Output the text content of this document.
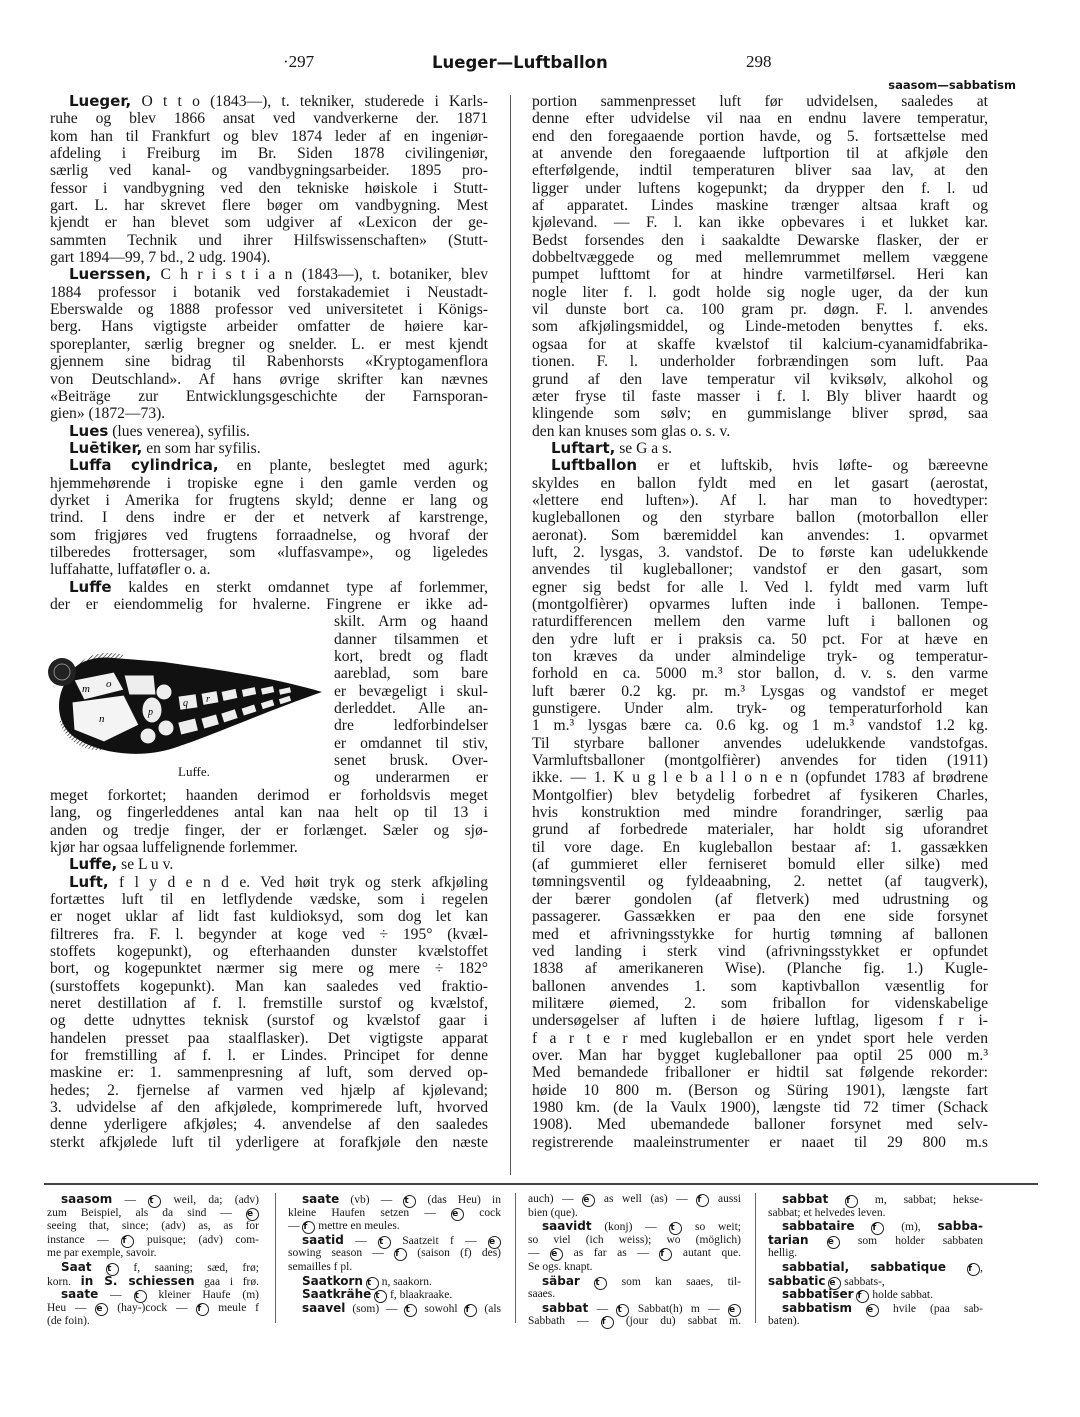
·297	Lueger—Luftballon	298
saasom—sabbatism
Lueger, O t t o (1843—), t. tekniker, studerede i Karls-
ruhe og blev 1866 ansat ved vandverkerne der. 1871
kom han til Frankfurt og blev 1874 leder af en ingeniør-
afdeling i Freiburg im Br. Siden 1878 civilingeniør,
særlig ved kanal- og vandbygningsarbeider. 1895 pro-
fessor i vandbygning ved den tekniske høiskole i Stutt-
gart. L. har skrevet flere bøger om vandbygning. Mest
kjendt er han blevet som udgiver af «Lexicon der ge-
sammten Technik und ihrer Hilfswissenschaften» (Stutt-
gart 1894—99, 7 bd., 2 udg. 1904).
Luerssen, C h r i s t i a n (1843—), t. botaniker, blev
1884 professor i botanik ved forstakademiet i Neustadt-
Eberswalde og 1888 professor ved universitetet i Königs-
berg. Hans vigtigste arbeider omfatter de høiere kar-
sporeplanter, særlig bregner og snelder. L. er mest kjendt
gjennem sine bidrag til Rabenhorsts «Kryptogamenflora
von Deutschland». Af hans øvrige skrifter kan nævnes
«Beiträge zur Entwicklungsgeschichte der Farnsporan-
gien» (1872—73).
Lues (lues venerea), syfilis.
Luētiker, en som har syfilis.
Luffa cylindrica, en plante, beslegtet med agurk;
hjemmehørende i tropiske egne i den gamle verden og
dyrket i Amerika for frugtens skyld; denne er lang og
trind. I dens indre er der et netverk af karstrenge,
som frigjøres ved frugtens forraadnelse, og hvoraf der
tilberedes frottersager, som «luffasvampe», og ligeledes
luffahatte, luffatøfler o. a.
Luffe kaldes en sterkt omdannet type af forlemmer,
der er eiendommelig for hvalerne. Fingrene er ikke ad-
skilt. Arm og haand
danner tilsammen et
kort, bredt og fladt
aareblad, som bare
er bevægeligt i skul-
derleddet. Alle an-
dre ledforbindelser
er omdannet til stiv,
senet brusk. Over-
og underarmen er
meget forkortet; haanden derimod er forholdsvis meget
lang, og fingerleddenes antal kan naa helt op til 13 i
anden og tredje finger, der er forlænget. Sæler og sjø-
kjør har ogsaa luffelignende forlemmer.
Luffe, se L u v.
Luft, f l y d e n d e. Ved høit tryk og sterk afkjøling
fortættes luft til en letflydende vædske, som i regelen
er noget uklar af lidt fast kuldioksyd, som dog let kan
filtreres fra. F. l. begynder at koge ved ÷ 195° (kvæl-
stoffets kogepunkt), og efterhaanden dunster kvælstoffet
bort, og kogepunktet nærmer sig mere og mere ÷ 182°
(surstoffets kogepunkt). Man kan saaledes ved fraktio-
neret destillation af f. l. fremstille surstof og kvælstof,
og dette udnyttes teknisk (surstof og kvælstof gaar i
handelen presset paa staalflasker). Det vigtigste apparat
for fremstilling af f. l. er Lindes. Principet for denne
maskine er: 1. sammenpresning af luft, som derved op-
hedes; 2. fjernelse af varmen ved hjælp af kjølevand;
3. udvidelse af den afkjølede, komprimerede luft, hvorved
denne yderligere afkjøles; 4. anvendelse af den saaledes
sterkt afkjølede luft til yderligere at forafkjøle den næste
m o
n
p
q r
Luffe.
portion sammenpresset luft før udvidelsen, saaledes at
denne efter udvidelse vil naa en endnu lavere temperatur,
end den foregaaende portion havde, og 5. fortsættelse med
at anvende den foregaaende luftportion til at afkjøle den
efterfølgende, indtil temperaturen bliver saa lav, at den
ligger under luftens kogepunkt; da drypper den f. l. ud
af apparatet. Lindes maskine trænger altsaa kraft og
kjølevand. — F. l. kan ikke opbevares i et lukket kar.
Bedst forsendes den i saakaldte Dewarske flasker, der er
dobbeltvæggede og med mellemrummet mellem væggene
pumpet lufttomt for at hindre varmetilførsel. Heri kan
nogle liter f. l. godt holde sig nogle uger, da der kun
vil dunste bort ca. 100 gram pr. døgn. F. l. anvendes
som afkjølingsmiddel, og Linde-metoden benyttes f. eks.
ogsaa for at skaffe kvælstof til kalcium-cyanamidfabrika-
tionen. F. l. underholder forbrændingen som luft. Paa
grund af den lave temperatur vil kviksølv, alkohol og
æter fryse til faste masser i f. l. Bly bliver haardt og
klingende som sølv; en gummislange bliver sprød, saa
den kan knuses som glas o. s. v.
Luftart, se G a s.
Luftballon er et luftskib, hvis løfte- og bæreevne
skyldes en ballon fyldt med en let gasart (aerostat,
«lettere end luften»). Af l. har man to hovedtyper:
kugleballonen og den styrbare ballon (motorballon eller
aeronat). Som bæremiddel kan anvendes: 1. opvarmet
luft, 2. lysgas, 3. vandstof. De to første kan udelukkende
anvendes til kugleballoner; vandstof er den gasart, som
egner sig bedst for alle l. Ved l. fyldt med varm luft
(montgolfièrer) opvarmes luften inde i ballonen. Tempe-
raturdifferencen mellem den varme luft i ballonen og
den ydre luft er i praksis ca. 50 pct. For at hæve en
ton kræves da under almindelige tryk- og temperatur-
forhold en ca. 5000 m.³ stor ballon, d. v. s. den varme
luft bærer 0.2 kg. pr. m.³ Lysgas og vandstof er meget
gunstigere. Under alm. tryk- og temperaturforhold kan
1 m.³ lysgas bære ca. 0.6 kg. og 1 m.³ vandstof 1.2 kg.
Til styrbare balloner anvendes udelukkende vandstofgas.
Varmluftsballoner (montgolfièrer) anvendes for tiden (1911)
ikke. — 1. K u g l e b a l l o n e n (opfundet 1783 af brødrene
Montgolfier) blev betydelig forbedret af fysikeren Charles,
hvis konstruktion med mindre forandringer, særlig paa
grund af forbedrede materialer, har holdt sig uforandret
til vore dage. En kugleballon bestaar af: 1. gassækken
(af gummieret eller ferniseret bomuld eller silke) med
tømningsventil og fyldeaabning, 2. nettet (af taugverk),
der bærer gondolen (af fletverk) med udrustning og
passagerer. Gassækken er paa den ene side forsynet
med et afrivningsstykke for hurtig tømning af ballonen
ved landing i sterk vind (afrivningsstykket er opfundet
1838 af amerikaneren Wise). (Planche fig. 1.) Kugle-
ballonen anvendes 1. som kaptivballon væsentlig for
militære øiemed, 2. som friballon for videnskabelige
undersøgelser af luften i de høiere luftlag, ligesom f r i-
f a r t e r med kugleballon er en yndet sport hele verden
over. Man har bygget kugleballoner paa optil 25 000 m.³
Med bemandede friballoner er hidtil sat følgende rekorder:
høide 10 800 m. (Berson og Süring 1901), længste fart
1980 km. (de la Vaulx 1900), længste tid 72 timer (Schack
1908). Med ubemandede balloner forsynet med selv-
registrerende maaleinstrumenter er naaet til 29 800 m.s
saasom — t weil, da; (adv)
zum Beispiel, als da sind — e
seeing that, since; (adv) as, as for
instance — f puisque; (adv) com-
me par exemple, savoir.
Saat t f, saaning; sæd, frø;
korn. in S. schiessen gaa i frø.
saate — t kleiner Haufe (m)
Heu — e (hay-)cock — f meule f
(de foin).
saate (vb) — t (das Heu) in
kleine Haufen setzen — e cock
— f mettre en meules.
saatid — t Saatzeit f — e
sowing season — f (saison (f) des)
semailles f pl.
Saatkorn t n, saakorn.
Saatkrähe t f, blaakraake.
saavel (som) — t sowohl f (als
auch) — e as well (as) — f aussi
bien (que).
saavidt (konj) — t so weit;
so viel (ich weiss); wo (möglich)
— e as far as — f autant que.
Se ogs. knapt.
säbar t som kan saaes, til-
saaes.
sabbat — t Sabbat(h) m — e
Sabbath — f (jour du) sabbat m.
sabbat f m, sabbat; hekse-
sabbat; et helvedes leven.
sabbataire f (m), sabba-
tarian e som holder sabbaten
hellig.
sabbatial, sabbatique f ,
sabbatic e sabbats-,
sabbatiser f holde sabbat.
sabbatism e hvile (paa sab-
baten).
